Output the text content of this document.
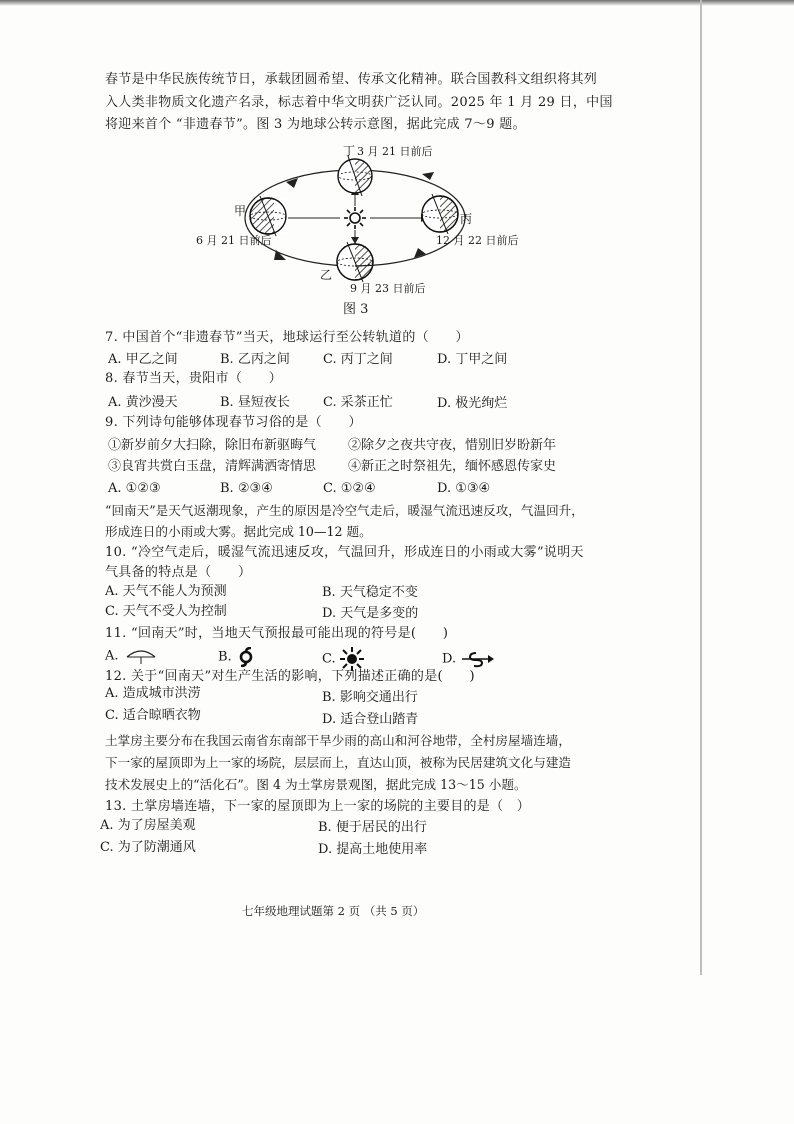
春节是中华民族传统节日，承载团圆希望、传承文化精神。联合国教科文组织将其列
入人类非物质文化遗产名录，标志着中华文明获广泛认同。2025 年 1 月 29 日，中国
将迎来首个 “非遗春节”。图 3 为地球公转示意图，据此完成 7～9 题。
丁 3 月 21 日前后
甲
6 月 21 日前后
丙
12 月 22 日前后
乙
9 月 23 日前后
图 3
7. 中国首个“非遗春节”当天，地球运行至公转轨道的（　　）
A. 甲乙之间	B. 乙丙之间	C. 丙丁之间	D. 丁甲之间
8. 春节当天，贵阳市（　　）
A. 黄沙漫天	B. 昼短夜长	C. 采茶正忙	D. 极光绚烂
9. 下列诗句能够体现春节习俗的是（　　）
①新岁前夕大扫除，除旧布新驱晦气 ②除夕之夜共守夜，惜别旧岁盼新年
③良宵共赏白玉盘，清辉满洒寄情思 ④新正之时祭祖先，缅怀感恩传家史
A. ①②③	B. ②③④	C. ①②④	D. ①③④
“回南天”是天气返潮现象，产生的原因是冷空气走后，暖湿气流迅速反攻，气温回升，
形成连日的小雨或大雾。据此完成 10—12 题。
10. “冷空气走后，暖湿气流迅速反攻，气温回升，形成连日的小雨或大雾”说明天
气具备的特点是（　　）
A. 天气不能人为预测	B. 天气稳定不变
C. 天气不受人为控制	D. 天气是多变的
11. “回南天”时，当地天气预报最可能出现的符号是(　　)
A.	B.	C.	D.
12. 关于“回南天”对生产生活的影响，下列描述正确的是(　　)
A. 造成城市洪涝	B. 影响交通出行
C. 适合晾晒衣物	D. 适合登山踏青
土掌房主要分布在我国云南省东南部干旱少雨的高山和河谷地带，全村房屋墙连墙，
下一家的屋顶即为上一家的场院，层层而上，直达山顶，被称为民居建筑文化与建造
技术发展史上的“活化石”。图 4 为土掌房景观图，据此完成 13～15 小题。
13. 土掌房墙连墙，下一家的屋顶即为上一家的场院的主要目的是（　）
A. 为了房屋美观	B. 便于居民的出行
C. 为了防潮通风	D. 提高土地使用率
七年级地理试题第 2 页 （共 5 页）
